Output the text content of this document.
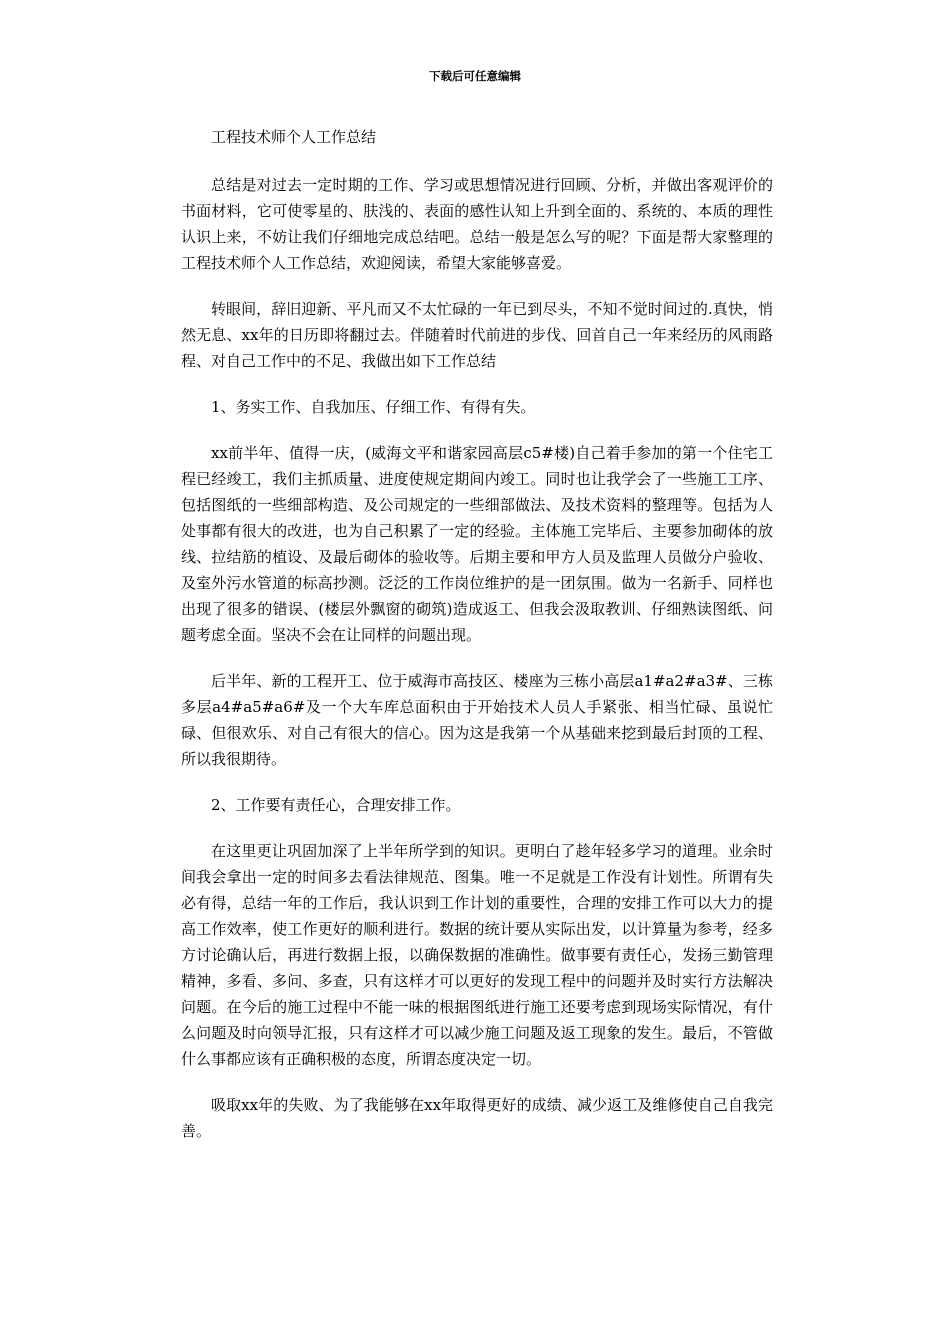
下载后可任意编辑

工程技术师个人工作总结

总结是对过去一定时期的工作、学习或思想情况进行回顾、分析，并做出客观评价的书面材料，它可使零星的、肤浅的、表面的感性认知上升到全面的、系统的、本质的理性认识上来，不妨让我们仔细地完成总结吧。总结一般是怎么写的呢？下面是帮大家整理的工程技术师个人工作总结，欢迎阅读，希望大家能够喜爱。

转眼间，辞旧迎新、平凡而又不太忙碌的一年已到尽头，不知不觉时间过的.真快，悄然无息、xx年的日历即将翻过去。伴随着时代前进的步伐、回首自己一年来经历的风雨路程、对自己工作中的不足、我做出如下工作总结

1、务实工作、自我加压、仔细工作、有得有失。

xx前半年、值得一庆，(威海文平和谐家园高层c5#楼)自己着手参加的第一个住宅工程已经竣工，我们主抓质量、进度使规定期间内竣工。同时也让我学会了一些施工工序、包括图纸的一些细部构造、及公司规定的一些细部做法、及技术资料的整理等。包括为人处事都有很大的改进，也为自己积累了一定的经验。主体施工完毕后、主要参加砌体的放线、拉结筋的植设、及最后砌体的验收等。后期主要和甲方人员及监理人员做分户验收、及室外污水管道的标高抄测。泛泛的工作岗位维护的是一团氛围。做为一名新手、同样也出现了很多的错误、(楼层外飘窗的砌筑)造成返工、但我会汲取教训、仔细熟读图纸、问题考虑全面。坚决不会在让同样的问题出现。

后半年、新的工程开工、位于威海市高技区、楼座为三栋小高层a1#a2#a3#、三栋多层a4#a5#a6#及一个大车库总面积由于开始技术人员人手紧张、相当忙碌、虽说忙碌、但很欢乐、对自己有很大的信心。因为这是我第一个从基础来挖到最后封顶的工程、所以我很期待。

2、工作要有责任心，合理安排工作。

在这里更让巩固加深了上半年所学到的知识。更明白了趁年轻多学习的道理。业余时间我会拿出一定的时间多去看法律规范、图集。唯一不足就是工作没有计划性。所谓有失必有得，总结一年的工作后，我认识到工作计划的重要性，合理的安排工作可以大力的提高工作效率，使工作更好的顺利进行。数据的统计要从实际出发，以计算量为参考，经多方讨论确认后，再进行数据上报，以确保数据的准确性。做事要有责任心，发扬三勤管理精神，多看、多问、多查，只有这样才可以更好的发现工程中的问题并及时实行方法解决问题。在今后的施工过程中不能一味的根据图纸进行施工还要考虑到现场实际情况，有什么问题及时向领导汇报，只有这样才可以减少施工问题及返工现象的发生。最后，不管做什么事都应该有正确积极的态度，所谓态度决定一切。

吸取xx年的失败、为了我能够在xx年取得更好的成绩、减少返工及维修使自己自我完善。
